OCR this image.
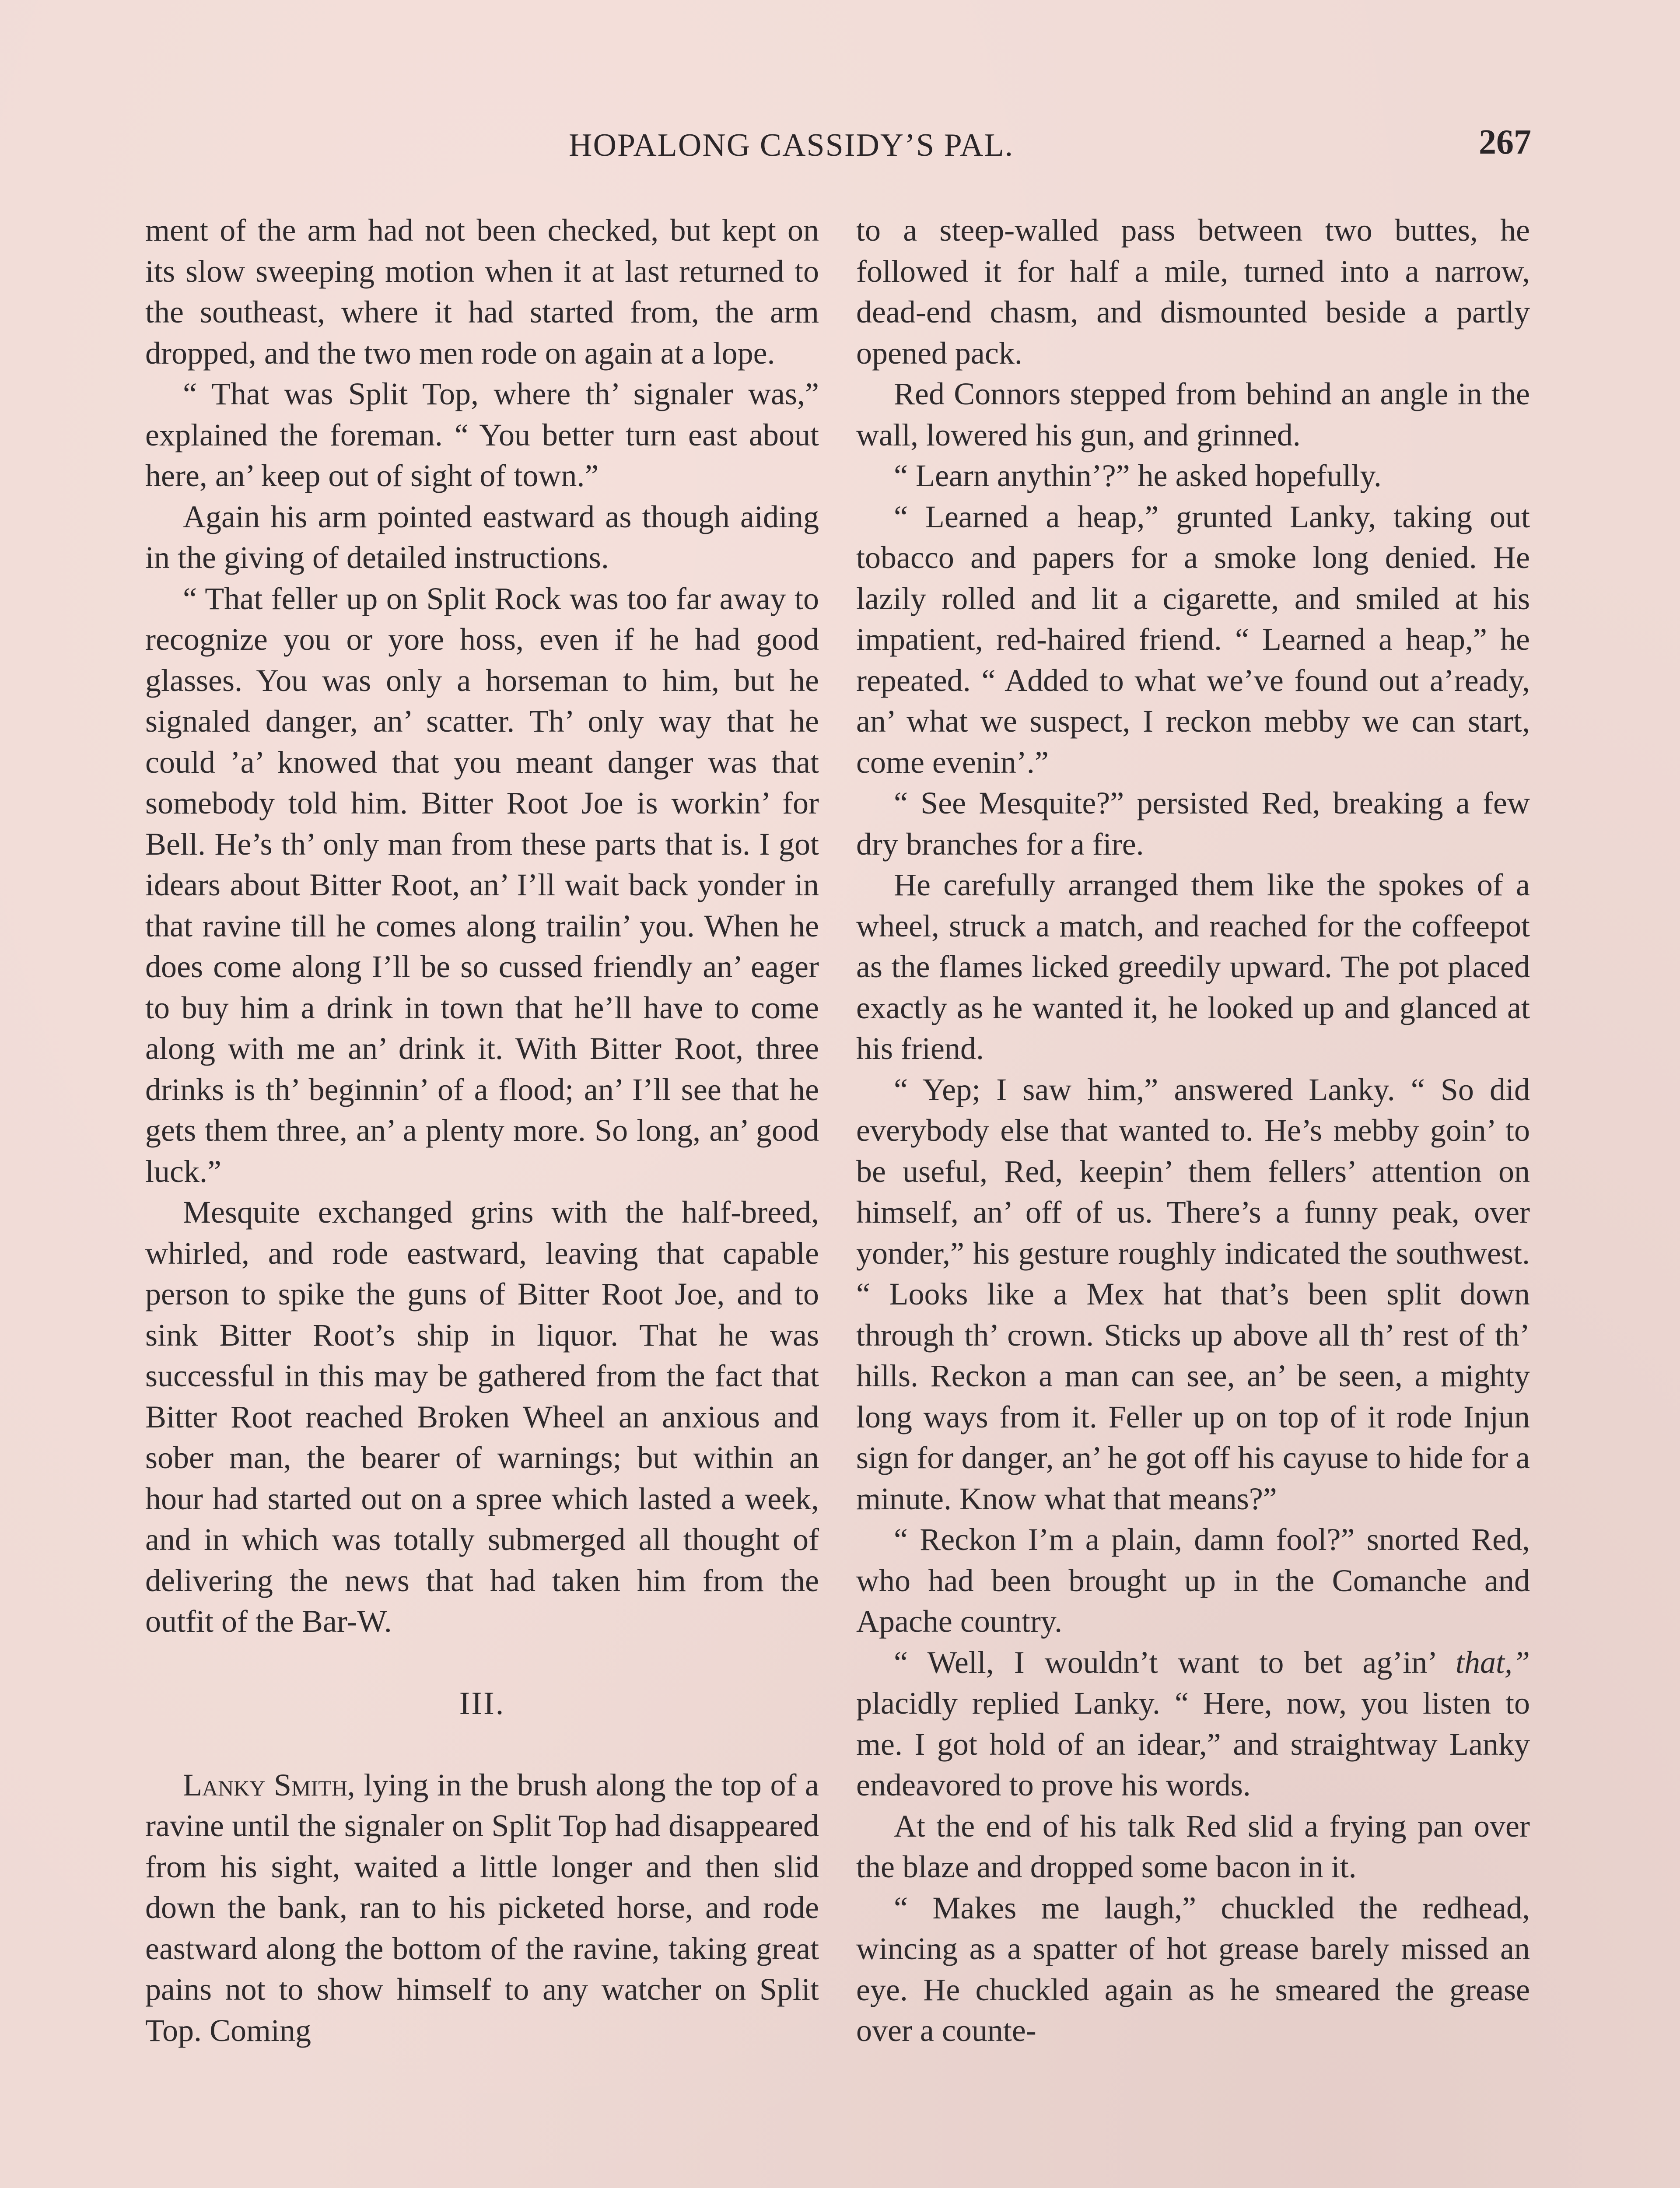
HOPALONG CASSIDY’S PAL.	267

ment of the arm had not been checked, but kept on its slow sweeping motion when it at last returned to the southeast, where it had started from, the arm dropped, and the two men rode on again at a lope.

“ That was Split Top, where th’ signaler was,” explained the foreman. “ You better turn east about here, an’ keep out of sight of town.”

Again his arm pointed eastward as though aiding in the giving of detailed instructions.

“ That feller up on Split Rock was too far away to recognize you or yore hoss, even if he had good glasses. You was only a horseman to him, but he signaled danger, an’ scatter. Th’ only way that he could ’a’ knowed that you meant danger was that somebody told him. Bitter Root Joe is workin’ for Bell. He’s th’ only man from these parts that is. I got idears about Bitter Root, an’ I’ll wait back yonder in that ravine till he comes along trailin’ you. When he does come along I’ll be so cussed friendly an’ eager to buy him a drink in town that he’ll have to come along with me an’ drink it. With Bitter Root, three drinks is th’ beginnin’ of a flood; an’ I’ll see that he gets them three, an’ a plenty more. So long, an’ good luck.”

Mesquite exchanged grins with the half-breed, whirled, and rode eastward, leaving that capable person to spike the guns of Bitter Root Joe, and to sink Bitter Root’s ship in liquor. That he was successful in this may be gathered from the fact that Bitter Root reached Broken Wheel an anxious and sober man, the bearer of warnings; but within an hour had started out on a spree which lasted a week, and in which was totally submerged all thought of delivering the news that had taken him from the outfit of the Bar-W.

III.

Lanky Smith, lying in the brush along the top of a ravine until the signaler on Split Top had disappeared from his sight, waited a little longer and then slid down the bank, ran to his picketed horse, and rode eastward along the bottom of the ravine, taking great pains not to show himself to any watcher on Split Top. Coming

to a steep-walled pass between two buttes, he followed it for half a mile, turned into a narrow, dead-end chasm, and dismounted beside a partly opened pack.

Red Connors stepped from behind an angle in the wall, lowered his gun, and grinned.

“ Learn anythin’?” he asked hopefully.

“ Learned a heap,” grunted Lanky, taking out tobacco and papers for a smoke long denied. He lazily rolled and lit a cigarette, and smiled at his impatient, red-haired friend. “ Learned a heap,” he repeated. “ Added to what we’ve found out a’ready, an’ what we suspect, I reckon mebby we can start, come evenin’.”

“ See Mesquite?” persisted Red, breaking a few dry branches for a fire.

He carefully arranged them like the spokes of a wheel, struck a match, and reached for the coffeepot as the flames licked greedily upward. The pot placed exactly as he wanted it, he looked up and glanced at his friend.

“ Yep; I saw him,” answered Lanky. “ So did everybody else that wanted to. He’s mebby goin’ to be useful, Red, keepin’ them fellers’ attention on himself, an’ off of us. There’s a funny peak, over yonder,” his gesture roughly indicated the southwest. “ Looks like a Mex hat that’s been split down through th’ crown. Sticks up above all th’ rest of th’ hills. Reckon a man can see, an’ be seen, a mighty long ways from it. Feller up on top of it rode Injun sign for danger, an’ he got off his cayuse to hide for a minute. Know what that means?”

“ Reckon I’m a plain, damn fool?” snorted Red, who had been brought up in the Comanche and Apache country.

“ Well, I wouldn’t want to bet ag’in’ that,” placidly replied Lanky. “ Here, now, you listen to me. I got hold of an idear,” and straightway Lanky endeavored to prove his words.

At the end of his talk Red slid a frying pan over the blaze and dropped some bacon in it.

“ Makes me laugh,” chuckled the redhead, wincing as a spatter of hot grease barely missed an eye. He chuckled again as he smeared the grease over a counte-
